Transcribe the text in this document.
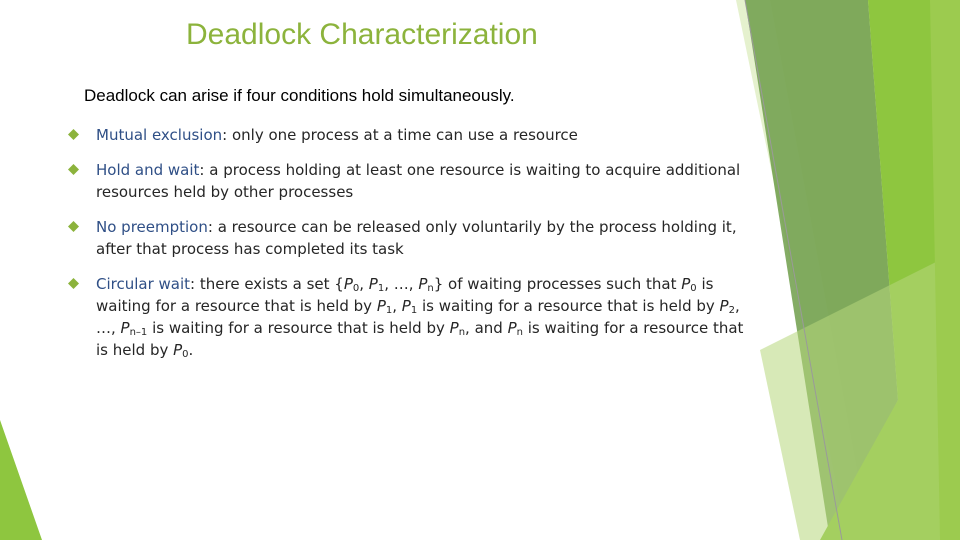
Deadlock Characterization
Deadlock can arise if four conditions hold simultaneously.
Mutual exclusion: only one process at a time can use a resource
Hold and wait: a process holding at least one resource is waiting to acquire additional resources held by other processes
No preemption: a resource can be released only voluntarily by the process holding it, after that process has completed its task
Circular wait: there exists a set {$P_0$, $P_1$, …, $P_n$} of waiting processes such that $P_0$ is waiting for a resource that is held by $P_1$, $P_1$ is waiting for a resource that is held by $P_2$, …, $P_{n-1}$ is waiting for a resource that is held by $P_n$, and $P_n$ is waiting for a resource that is held by $P_0$.
